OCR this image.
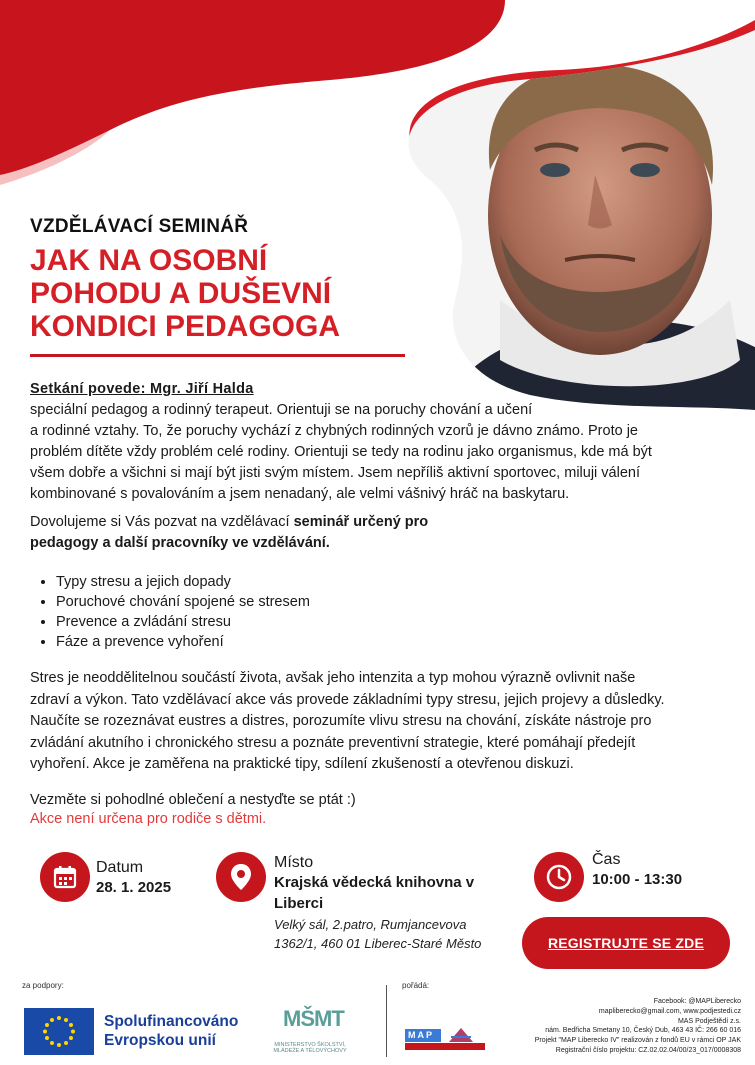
VZDĚLÁVACÍ SEMINÁŘ
JAK NA OSOBNÍ
POHODU A DUŠEVNÍ
KONDICI PEDAGOGA
Setkání povede: Mgr. Jiří Halda
speciální pedagog a rodinný terapeut. Orientuji se na poruchy chování a učení
a rodinné vztahy. To, že poruchy vychází z chybných rodinných vzorů je dávno známo. Proto je
problém dítěte vždy problém celé rodiny. Orientuji se tedy na rodinu jako organismus, kde má být
všem dobře a všichni si mají být jisti svým místem. Jsem nepříliš aktivní sportovec, miluji válení
kombinované s povalováním a jsem nenadaný, ale velmi vášnivý hráč na baskytaru.
Dovolujeme si Vás pozvat na vzdělávací seminář určený pro
pedagogy a další pracovníky ve vzdělávání.
• Typy stresu a jejich dopady
• Poruchové chování spojené se stresem
• Prevence a zvládání stresu
• Fáze a prevence vyhoření
Stres je neoddělitelnou součástí života, avšak jeho intenzita a typ mohou výrazně ovlivnit naše
zdraví a výkon. Tato vzdělávací akce vás provede základními typy stresu, jejich projevy a důsledky.
Naučíte se rozeznávat eustres a distres, porozumíte vlivu stresu na chování, získáte nástroje pro
zvládání akutního i chronického stresu a poznáte preventivní strategie, které pomáhají předejít
vyhoření. Akce je zaměřena na praktické tipy, sdílení zkušeností a otevřenou diskuzi.
Vezměte si pohodlné oblečení a nestyďte se ptát :)
Akce není určena pro rodiče s dětmi.
Datum
28. 1. 2025
Místo
Krajská vědecká knihovna v
Liberci
Velký sál, 2.patro, Rumjancevova
1362/1, 460 01 Liberec-Staré Město
Čas
10:00 - 13:30
REGISTRUJTE SE ZDE
za podpory:
Spolufinancováno
Evropskou unií
MŠMT
MINISTERSTVO ŠKOLSTVÍ,
MLÁDEŽE A TĚLOVÝCHOVY
pořádá:
MAP
Facebook: @MAPLiberecko
mapliberecko@gmail.com, www.podjestedi.cz
MAS Podještědí z.s.
nám. Bedřicha Smetany 10, Český Dub, 463 43 IČ: 266 60 016
Projekt "MAP Liberecko IV" realizován z fondů EU v rámci OP JAK
Registrační číslo projektu: CZ.02.02.04/00/23_017/0008308
